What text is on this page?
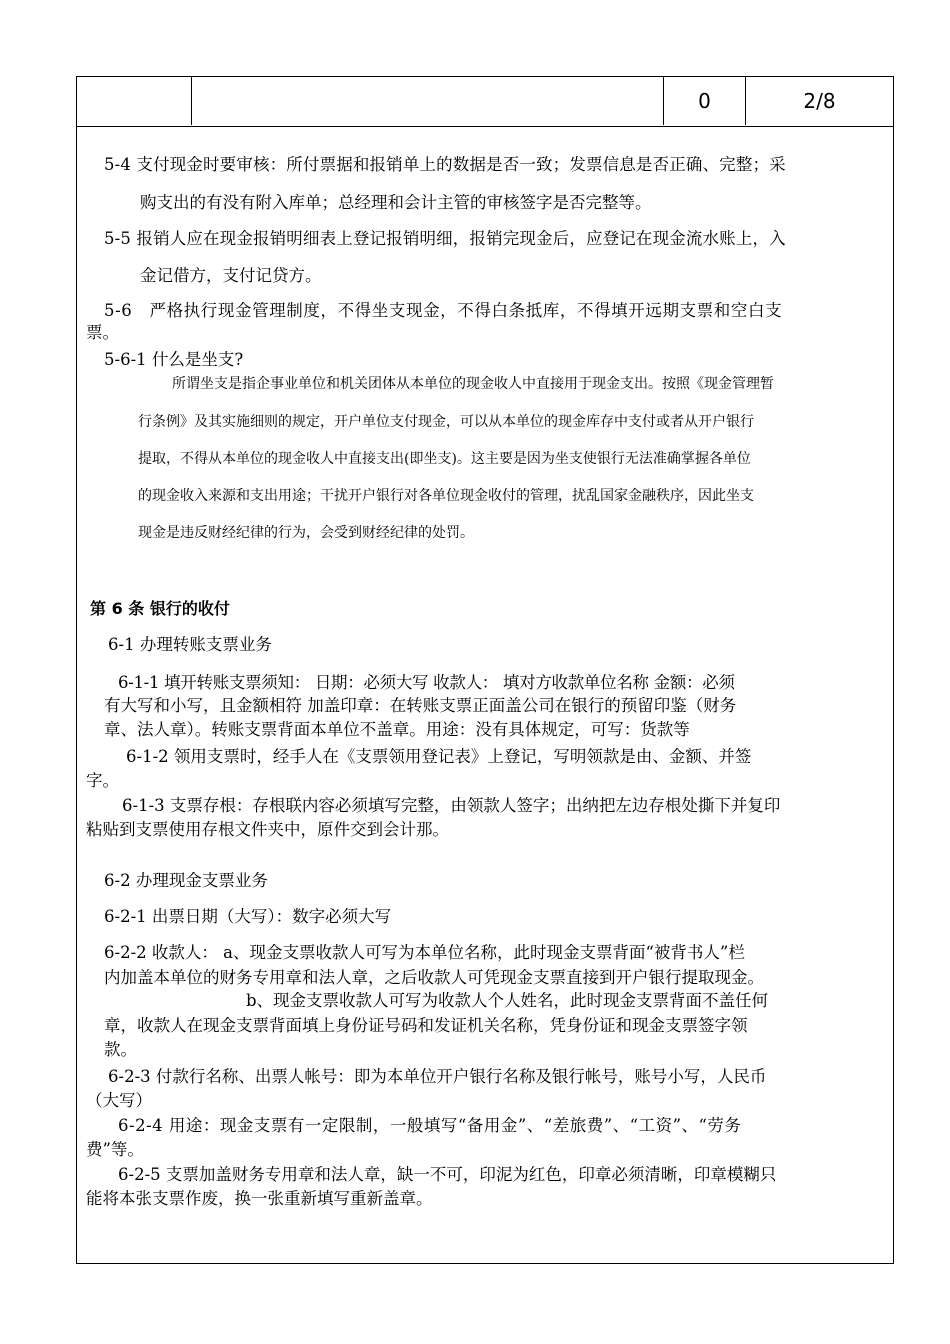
0	2/8
5-4 支付现金时要审核：所付票据和报销单上的数据是否一致；发票信息是否正确、完整；采
购支出的有没有附入库单；总经理和会计主管的审核签字是否完整等。
5-5 报销人应在现金报销明细表上登记报销明细，报销完现金后，应登记在现金流水账上，入
金记借方，支付记贷方。
5-6　严格执行现金管理制度，不得坐支现金，不得白条抵库，不得填开远期支票和空白支
票。
5-6-1 什么是坐支?
所谓坐支是指企事业单位和机关团体从本单位的现金收人中直接用于现金支出。按照《现金管理暂
行条例》及其实施细则的规定，开户单位支付现金，可以从本单位的现金库存中支付或者从开户银行
提取，不得从本单位的现金收人中直接支出(即坐支)。这主要是因为坐支使银行无法准确掌握各单位
的现金收入来源和支出用途；干扰开户银行对各单位现金收付的管理，扰乱国家金融秩序，因此坐支
现金是违反财经纪律的行为，会受到财经纪律的处罚。
第 6 条 银行的收付
6-1 办理转账支票业务
6-1-1 填开转账支票须知： 日期：必须大写 收款人： 填对方收款单位名称 金额：必须
有大写和小写，且金额相符 加盖印章：在转账支票正面盖公司在银行的预留印鉴（财务
章、法人章）。转账支票背面本单位不盖章。用途：没有具体规定，可写：货款等
6-1-2 领用支票时，经手人在《支票领用登记表》上登记，写明领款是由、金额、并签
字。
6-1-3 支票存根：存根联内容必须填写完整，由领款人签字；出纳把左边存根处撕下并复印
粘贴到支票使用存根文件夹中，原件交到会计那。
6-2 办理现金支票业务
6-2-1 出票日期（大写）：数字必须大写
6-2-2 收款人： a、现金支票收款人可写为本单位名称，此时现金支票背面“被背书人”栏
内加盖本单位的财务专用章和法人章，之后收款人可凭现金支票直接到开户银行提取现金。
b、现金支票收款人可写为收款人个人姓名，此时现金支票背面不盖任何
章，收款人在现金支票背面填上身份证号码和发证机关名称，凭身份证和现金支票签字领
款。
6-2-3 付款行名称、出票人帐号：即为本单位开户银行名称及银行帐号，账号小写，人民币
（大写）
6-2-4 用途：现金支票有一定限制，一般填写“备用金”、“差旅费”、“工资”、“劳务
费”等。
6-2-5 支票加盖财务专用章和法人章，缺一不可，印泥为红色，印章必须清晰，印章模糊只
能将本张支票作废，换一张重新填写重新盖章。
